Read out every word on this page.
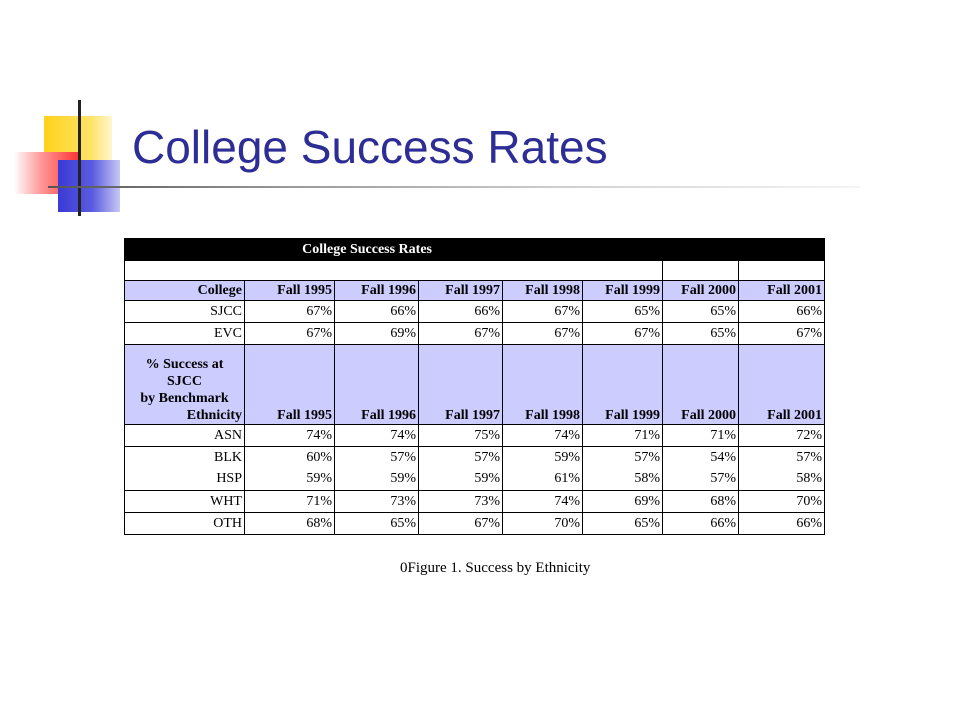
College Success Rates
College Success Rates							

College	Fall 1995	Fall 1996	Fall 1997	Fall 1998	Fall 1999	Fall 2000	Fall 2001
SJCC	67%	66%	66%	67%	65%	65%	66%
EVC	67%	69%	67%	67%	67%	65%	67%

% Success at
SJCC
by Benchmark
Ethnicity	Fall 1995	Fall 1996	Fall 1997	Fall 1998	Fall 1999	Fall 2000	Fall 2001
ASN	74%	74%	75%	74%	71%	71%	72%
BLK	60%	57%	57%	59%	57%	54%	57%
HSP	59%	59%	59%	61%	58%	57%	58%
WHT	71%	73%	73%	74%	69%	68%	70%
OTH	68%	65%	67%	70%	65%	66%	66%
0Figure 1. Success by Ethnicity
